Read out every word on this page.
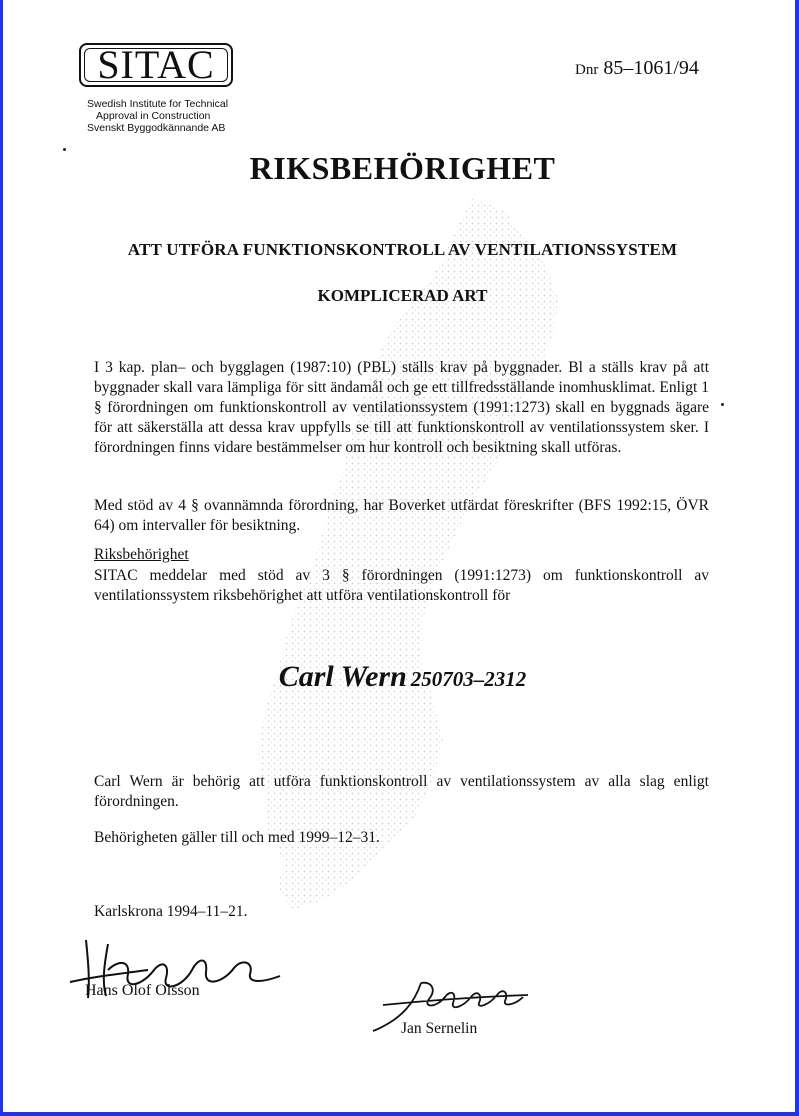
SITAC
Swedish Institute for Technical
Approval in Construction
Svenskt Byggodkännande AB
Dnr 85–1061/94
RIKSBEHÖRIGHET
ATT UTFÖRA FUNKTIONSKONTROLL AV VENTILATIONSSYSTEM
KOMPLICERAD ART
I 3 kap. plan– och bygglagen (1987:10) (PBL) ställs krav på byggnader. Bl a ställs krav på att byggnader skall vara lämpliga för sitt ändamål och ge ett tillfredsställande inomhusklimat. Enligt 1 § förordningen om funktionskontroll av ventilationssystem (1991:1273) skall en byggnads ägare för att säkerställa att dessa krav uppfylls se till att funktionskontroll av ventilationssystem sker. I förordningen finns vidare bestämmelser om hur kontroll och besiktning skall utföras.
Med stöd av 4 § ovannämnda förordning, har Boverket utfärdat föreskrifter (BFS 1992:15, ÖVR 64) om intervaller för besiktning.
Riksbehörighet
SITAC meddelar med stöd av 3 § förordningen (1991:1273) om funktionskontroll av ventilationssystem riksbehörighet att utföra ventilationskontroll för
Carl Wern 250703–2312
Carl Wern är behörig att utföra funktionskontroll av ventilationssystem av alla slag enligt förordningen.
Behörigheten gäller till och med 1999–12–31.
Karlskrona 1994–11–21.
Hans Olof Olsson
Jan Sernelin
